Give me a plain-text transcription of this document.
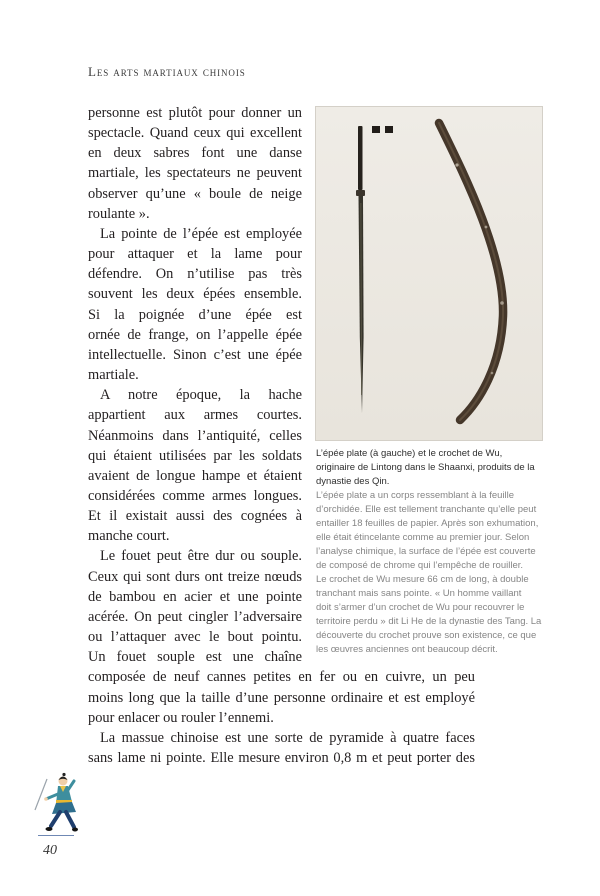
Les arts martiaux chinois
personne est plutôt pour donner un
spectacle. Quand ceux qui excellent
en deux sabres font une danse
martiale, les spectateurs ne peuvent
observer qu’une « boule de neige
roulante ».
La pointe de l’épée est employée
pour attaquer et la lame pour
défendre. On n’utilise pas très
souvent les deux épées ensemble.
Si la poignée d’une épée est
ornée de frange, on l’appelle épée
intellectuelle. Sinon c’est une épée
martiale.
A notre époque, la hache
appartient aux armes courtes.
Néanmoins dans l’antiquité, celles
qui étaient utilisées par les soldats
avaient de longue hampe et étaient
considérées comme armes longues.
Et il existait aussi des cognées à
manche court.
Le fouet peut être dur ou souple.
Ceux qui sont durs ont treize nœuds
de bambou en acier et une pointe
acérée. On peut cingler l’adversaire
ou l’attaquer avec le bout pointu.
Un fouet souple est une chaîne
composée de neuf cannes petites en fer ou en cuivre, un peu
moins long que la taille d’une personne ordinaire et est employé
pour enlacer ou rouler l’ennemi.
La massue chinoise est une sorte de pyramide à quatre faces
sans lame ni pointe. Elle mesure environ 0,8 m et peut porter des
L’épée plate (à gauche) et le crochet de Wu,
originaire de Lintong dans le Shaanxi, produits de la
dynastie des Qin.
L’épée plate a un corps ressemblant à la feuille
d’orchidée. Elle est tellement tranchante qu’elle peut
entailler 18 feuilles de papier. Après son exhumation,
elle était étincelante comme au premier jour. Selon
l’analyse chimique, la surface de l’épée est couverte
de composé de chrome qui l’empêche de rouiller.
Le crochet de Wu mesure 66 cm de long, à double
tranchant mais sans pointe. « Un homme vaillant
doit s’armer d’un crochet de Wu pour recouvrer le
territoire perdu » dit Li He de la dynastie des Tang. La
découverte du crochet prouve son existence, ce que
les œuvres anciennes ont beaucoup décrit.
40
